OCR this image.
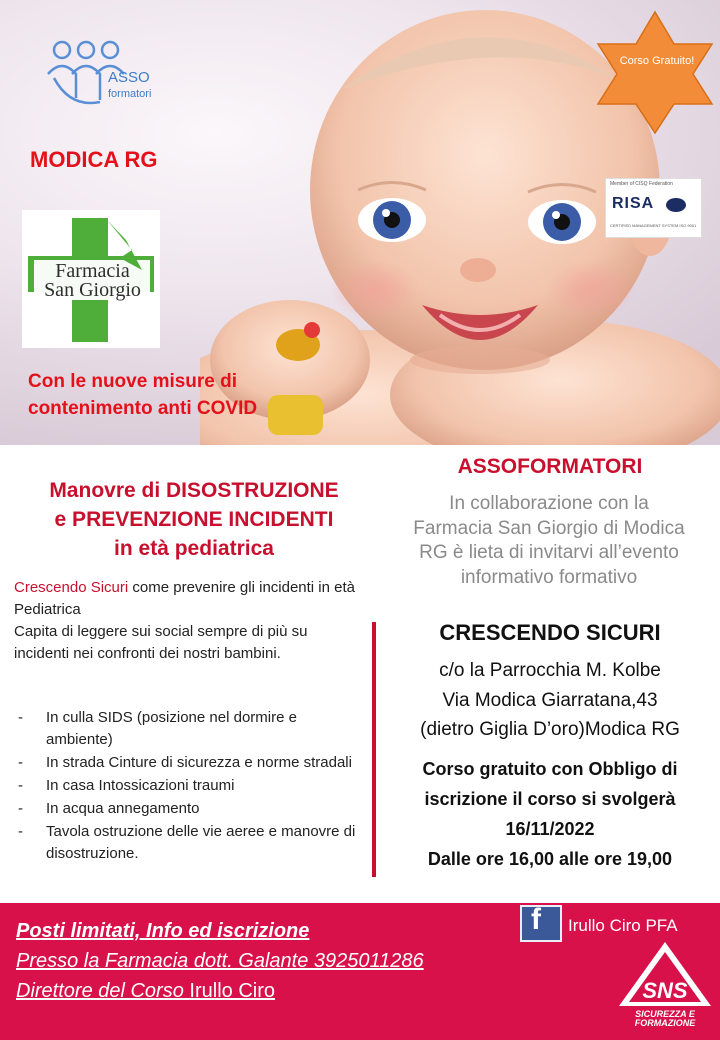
ASSO
formatori
Corso Gratuito!
MODICA RG
Farmacia
San Giorgio
Member of CISQ Federation
RISA
CERTIFIED MANAGEMENT SYSTEM ISO 9001
Con le nuove misure di
contenimento anti COVID
Manovre di DISOSTRUZIONE
e PREVENZIONE INCIDENTI
in età pediatrica
Crescendo Sicuri come prevenire gli incidenti in età Pediatrica
Capita di leggere sui social sempre di più su incidenti nei confronti dei nostri bambini.
- In culla SIDS (posizione nel dormire e ambiente)
- In strada Cinture di sicurezza e norme stradali
- In casa Intossicazioni traumi
- In acqua annegamento
- Tavola ostruzione delle vie aeree e manovre di disostruzione.
ASSOFORMATORI
In collaborazione con la
Farmacia San Giorgio di Modica
RG è lieta di invitarvi all’evento
informativo formativo
CRESCENDO SICURI
c/o la Parrocchia M. Kolbe
Via Modica Giarratana,43
(dietro Giglia D’oro)Modica RG
Corso gratuito con Obbligo di
iscrizione il corso si svolgerà
16/11/2022
Dalle ore 16,00 alle ore 19,00
Posti limitati, Info ed iscrizione
Presso la Farmacia dott. Galante 3925011286
Direttore del Corso Irullo Ciro
f Irullo Ciro PFA
SNS
SICUREZZA E
FORMAZIONE
